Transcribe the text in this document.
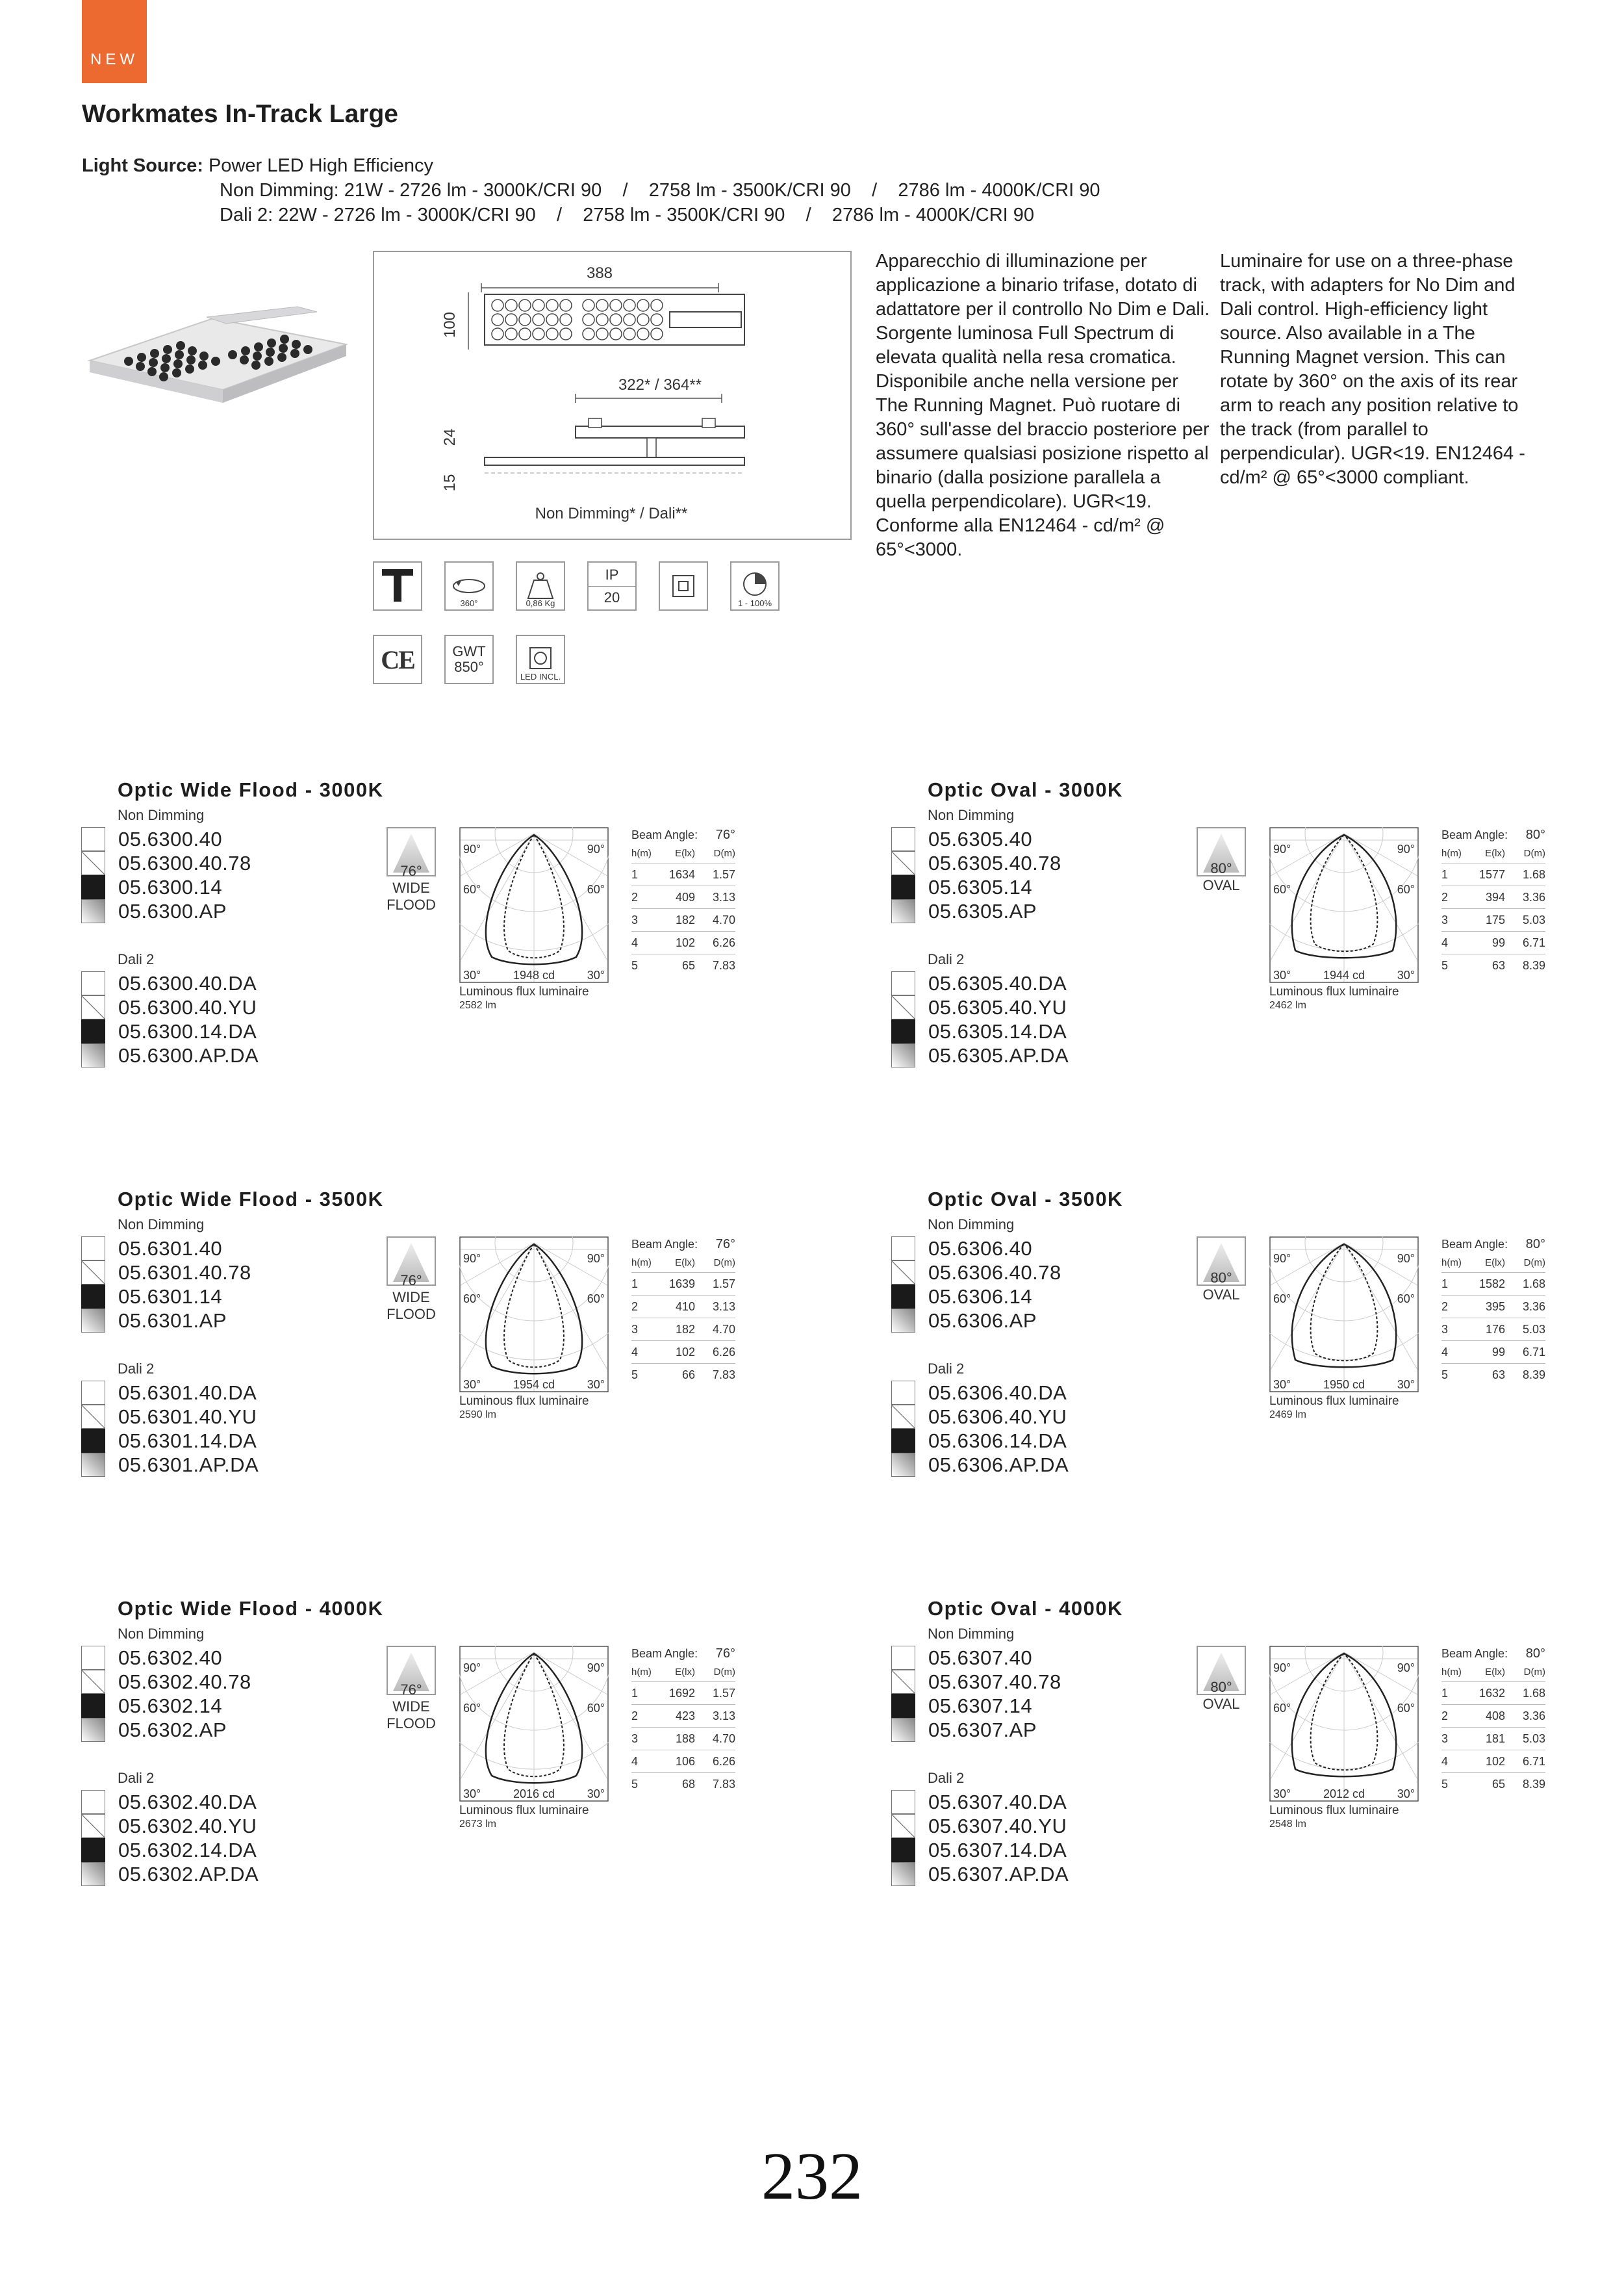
NEW
Workmates In-Track Large
Light Source: Power LED High Efficiency
Non Dimming: 21W - 2726 lm - 3000K/CRI 90    /    2758 lm - 3500K/CRI 90    /    2786 lm - 4000K/CRI 90
Dali 2: 22W - 2726 lm - 3000K/CRI 90    /    2758 lm - 3500K/CRI 90    /    2786 lm - 4000K/CRI 90
388
100
322* / 364**
24
15
Non Dimming* / Dali**
Apparecchio di illuminazione per applicazione a binario trifase, dotato di adattatore per il controllo No Dim e Dali. Sorgente luminosa Full Spectrum di elevata qualità nella resa cromatica. Disponibile anche nella versione per The Running Magnet. Può ruotare di 360° sull'asse del braccio posteriore per assumere qualsiasi posizione rispetto al binario (dalla posizione parallela a quella perpendicolare). UGR<19. Conforme alla EN12464 - cd/m² @ 65°<3000.
Luminaire for use on a three-phase track, with adapters for No Dim and Dali control. High-efficiency light source. Also available in a The Running Magnet version. This can rotate by 360° on the axis of its rear arm to reach any position relative to the track (from parallel to perpendicular). UGR<19. EN12464 - cd/m² @ 65°<3000 compliant.
360°	0,86 Kg
IP
20	1 - 100%
CE	GWT
850°
LED INCL.
Optic Wide Flood - 3000K
Non Dimming
05.6300.40
05.6300.40.78
05.6300.14
05.6300.AP
Dali 2
05.6300.40.DA
05.6300.40.YU
05.6300.14.DA
05.6300.AP.DA
76°
WIDE
FLOOD
90°	90°
60°	60°
30°	30°
1948 cd
Luminous flux luminaire
2582 lm
Beam Angle: 76°
h(m)	E(lx)	D(m)
1	1634	1.57
2	409	3.13
3	182	4.70
4	102	6.26
5	65	7.83
Optic Oval - 3000K
Non Dimming
05.6305.40
05.6305.40.78
05.6305.14
05.6305.AP
Dali 2
05.6305.40.DA
05.6305.40.YU
05.6305.14.DA
05.6305.AP.DA
80°
OVAL
90°	90°
60°	60°
30°	30°
1944 cd
Luminous flux luminaire
2462 lm
Beam Angle: 80°
h(m)	E(lx)	D(m)
1	1577	1.68
2	394	3.36
3	175	5.03
4	99	6.71
5	63	8.39
Optic Wide Flood - 3500K
Non Dimming
05.6301.40
05.6301.40.78
05.6301.14
05.6301.AP
Dali 2
05.6301.40.DA
05.6301.40.YU
05.6301.14.DA
05.6301.AP.DA
76°
WIDE
FLOOD
90°	90°
60°	60°
30°	30°
1954 cd
Luminous flux luminaire
2590 lm
Beam Angle: 76°
h(m)	E(lx)	D(m)
1	1639	1.57
2	410	3.13
3	182	4.70
4	102	6.26
5	66	7.83
Optic Oval - 3500K
Non Dimming
05.6306.40
05.6306.40.78
05.6306.14
05.6306.AP
Dali 2
05.6306.40.DA
05.6306.40.YU
05.6306.14.DA
05.6306.AP.DA
80°
OVAL
90°	90°
60°	60°
30°	30°
1950 cd
Luminous flux luminaire
2469 lm
Beam Angle: 80°
h(m)	E(lx)	D(m)
1	1582	1.68
2	395	3.36
3	176	5.03
4	99	6.71
5	63	8.39
Optic Wide Flood - 4000K
Non Dimming
05.6302.40
05.6302.40.78
05.6302.14
05.6302.AP
Dali 2
05.6302.40.DA
05.6302.40.YU
05.6302.14.DA
05.6302.AP.DA
76°
WIDE
FLOOD
90°	90°
60°	60°
30°	30°
2016 cd
Luminous flux luminaire
2673 lm
Beam Angle: 76°
h(m)	E(lx)	D(m)
1	1692	1.57
2	423	3.13
3	188	4.70
4	106	6.26
5	68	7.83
Optic Oval - 4000K
Non Dimming
05.6307.40
05.6307.40.78
05.6307.14
05.6307.AP
Dali 2
05.6307.40.DA
05.6307.40.YU
05.6307.14.DA
05.6307.AP.DA
80°
OVAL
90°	90°
60°	60°
30°	30°
2012 cd
Luminous flux luminaire
2548 lm
Beam Angle: 80°
h(m)	E(lx)	D(m)
1	1632	1.68
2	408	3.36
3	181	5.03
4	102	6.71
5	65	8.39
232
